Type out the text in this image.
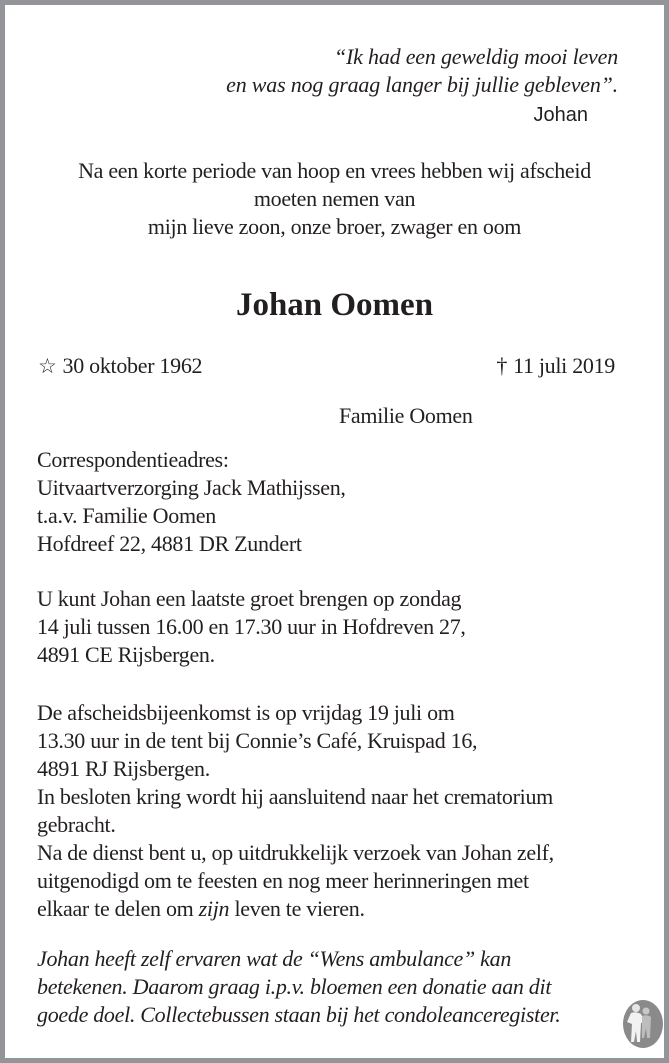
“Ik had een geweldig mooi leven
en was nog graag langer bij jullie gebleven”.
Johan
Na een korte periode van hoop en vrees hebben wij afscheid
moeten nemen van
mijn lieve zoon, onze broer, zwager en oom
Johan Oomen
☆ 30 oktober 1962	† 11 juli 2019
Familie Oomen
Correspondentieadres:
Uitvaartverzorging Jack Mathijssen,
t.a.v. Familie Oomen
Hofdreef 22, 4881 DR Zundert
U kunt Johan een laatste groet brengen op zondag
14 juli tussen 16.00 en 17.30 uur in Hofdreven 27,
4891 CE Rijsbergen.
De afscheidsbijeenkomst is op vrijdag 19 juli om
13.30 uur in de tent bij Connie’s Café, Kruispad 16,
4891 RJ Rijsbergen.
In besloten kring wordt hij aansluitend naar het crematorium
gebracht.
Na de dienst bent u, op uitdrukkelijk verzoek van Johan zelf,
uitgenodigd om te feesten en nog meer herinneringen met
elkaar te delen om zijn leven te vieren.
Johan heeft zelf ervaren wat de “Wens ambulance” kan
betekenen. Daarom graag i.p.v. bloemen een donatie aan dit
goede doel. Collectebussen staan bij het condoleanceregister.
